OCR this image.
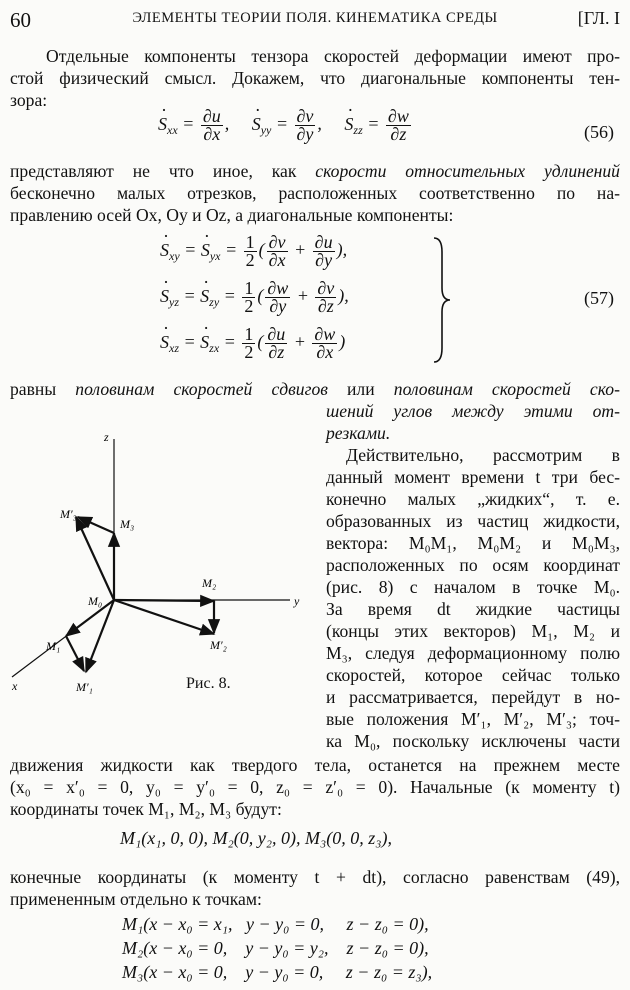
60	ЭЛЕМЕНТЫ ТЕОРИИ ПОЛЯ. КИНЕМАТИКА СРЕДЫ	[ГЛ. I
Отдельные компоненты тензора скоростей деформации имеют про-
стой физический смысл. Докажем, что диагональные компоненты тен-
зора:
· $S_{xx} = \frac{\partial u}{\partial x}$ ,     · $S_{yy} = \frac{\partial v}{\partial y}$ ,     · $S_{zz} = \frac{\partial w}{\partial z}$	(56)
представляют не что иное, как скорости относительных удлинений
бесконечно малых отрезков, расположенных соответственно по на-
правлению осей Ox, Oy и Oz, а диагональные компоненты:
· $S_{xy}$ = · $S_{yx} = \frac{1}{2}$ ( $\frac{\partial v}{\partial x} + \frac{\partial u}{\partial y}$ ),
· $S_{yz}$ = · $S_{zy} = \frac{1}{2}$ ( $\frac{\partial w}{\partial y} + \frac{\partial v}{\partial z}$ ),
· $S_{xz}$ = · $S_{zx} = \frac{1}{2}$ ( $\frac{\partial u}{\partial z} + \frac{\partial w}{\partial x}$ )
(57)
равны половинам скоростей сдвигов или половинам скоростей ско-
шений углов между этими от-
резками.
z
y
x
M₀
M₃
M′₃
M₂
M′₂
M₁
M′₁	Рис. 8.
Действительно, рассмотрим в
данный момент времени t три бес-
конечно малых „жидких“, т. е.
образованных из частиц жидкости,
вектора: M₀M₁, M₀M₂ и M₀M₃,
расположенных по осям координат
(рис. 8) с началом в точке M₀.
За время dt жидкие частицы
(концы этих векторов) M₁, M₂ и
M₃, следуя деформационному полю
скоростей, которое сейчас только
и рассматривается, перейдут в но-
вые положения M′₁, M′₂, M′₃; точ-
ка M₀, поскольку исключены части
движения жидкости как твердого тела, останется на прежнем месте
(x₀ = x′₀ = 0, y₀ = y′₀ = 0, z₀ = z′₀ = 0). Начальные (к моменту t)
координаты точек M₁, M₂, M₃ будут:
M₁(x₁, 0, 0), M₂(0, y₂, 0), M₃(0, 0, z₃),
конечные координаты (к моменту t + dt), согласно равенствам (49),
примененным отдельно к точкам:
M₁(x − x₀ = x₁,   y − y₀ = 0,     z − z₀ = 0),
M₂(x − x₀ = 0,    y − y₀ = y₂,    z − z₀ = 0),
M₃(x − x₀ = 0,    y − y₀ = 0,     z − z₀ = z₃),
